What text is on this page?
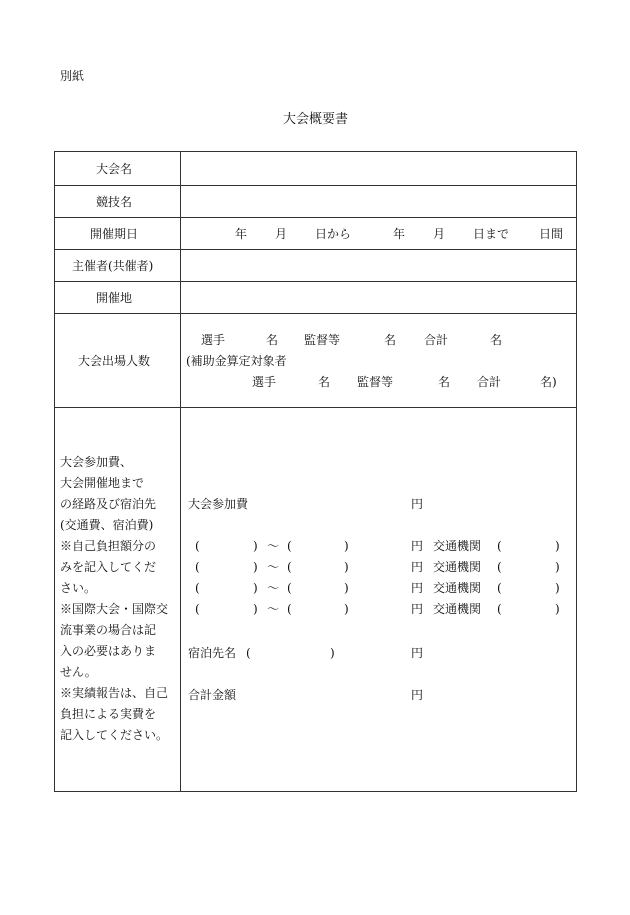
別紙
大会概要書
大会名
競技名
開催期日	年 月 日から	年 月 日まで 日間
主催者(共催者)
開催地
大会出場人数
選手	名 監督等	名 合計	名
(補助金算定対象者
選手	名 監督等	名 合計	名)
大会参加費、
大会開催地まで
の経路及び宿泊先
(交通費、宿泊費)
※自己負担額分の
みを記入してくだ
さい。
※国際大会・国際交
流事業の場合は記
入の必要はありま
せん。
※実績報告は、自己
負担による実費を
記入してください。
大会参加費	円
(	) 〜 (	)	円 交通機関 (	)
(	) 〜 (	)	円 交通機関 (	)
(	) 〜 (	)	円 交通機関 (	)
(	) 〜 (	)	円 交通機関 (	)
宿泊先名 (	)	円
合計金額	円
